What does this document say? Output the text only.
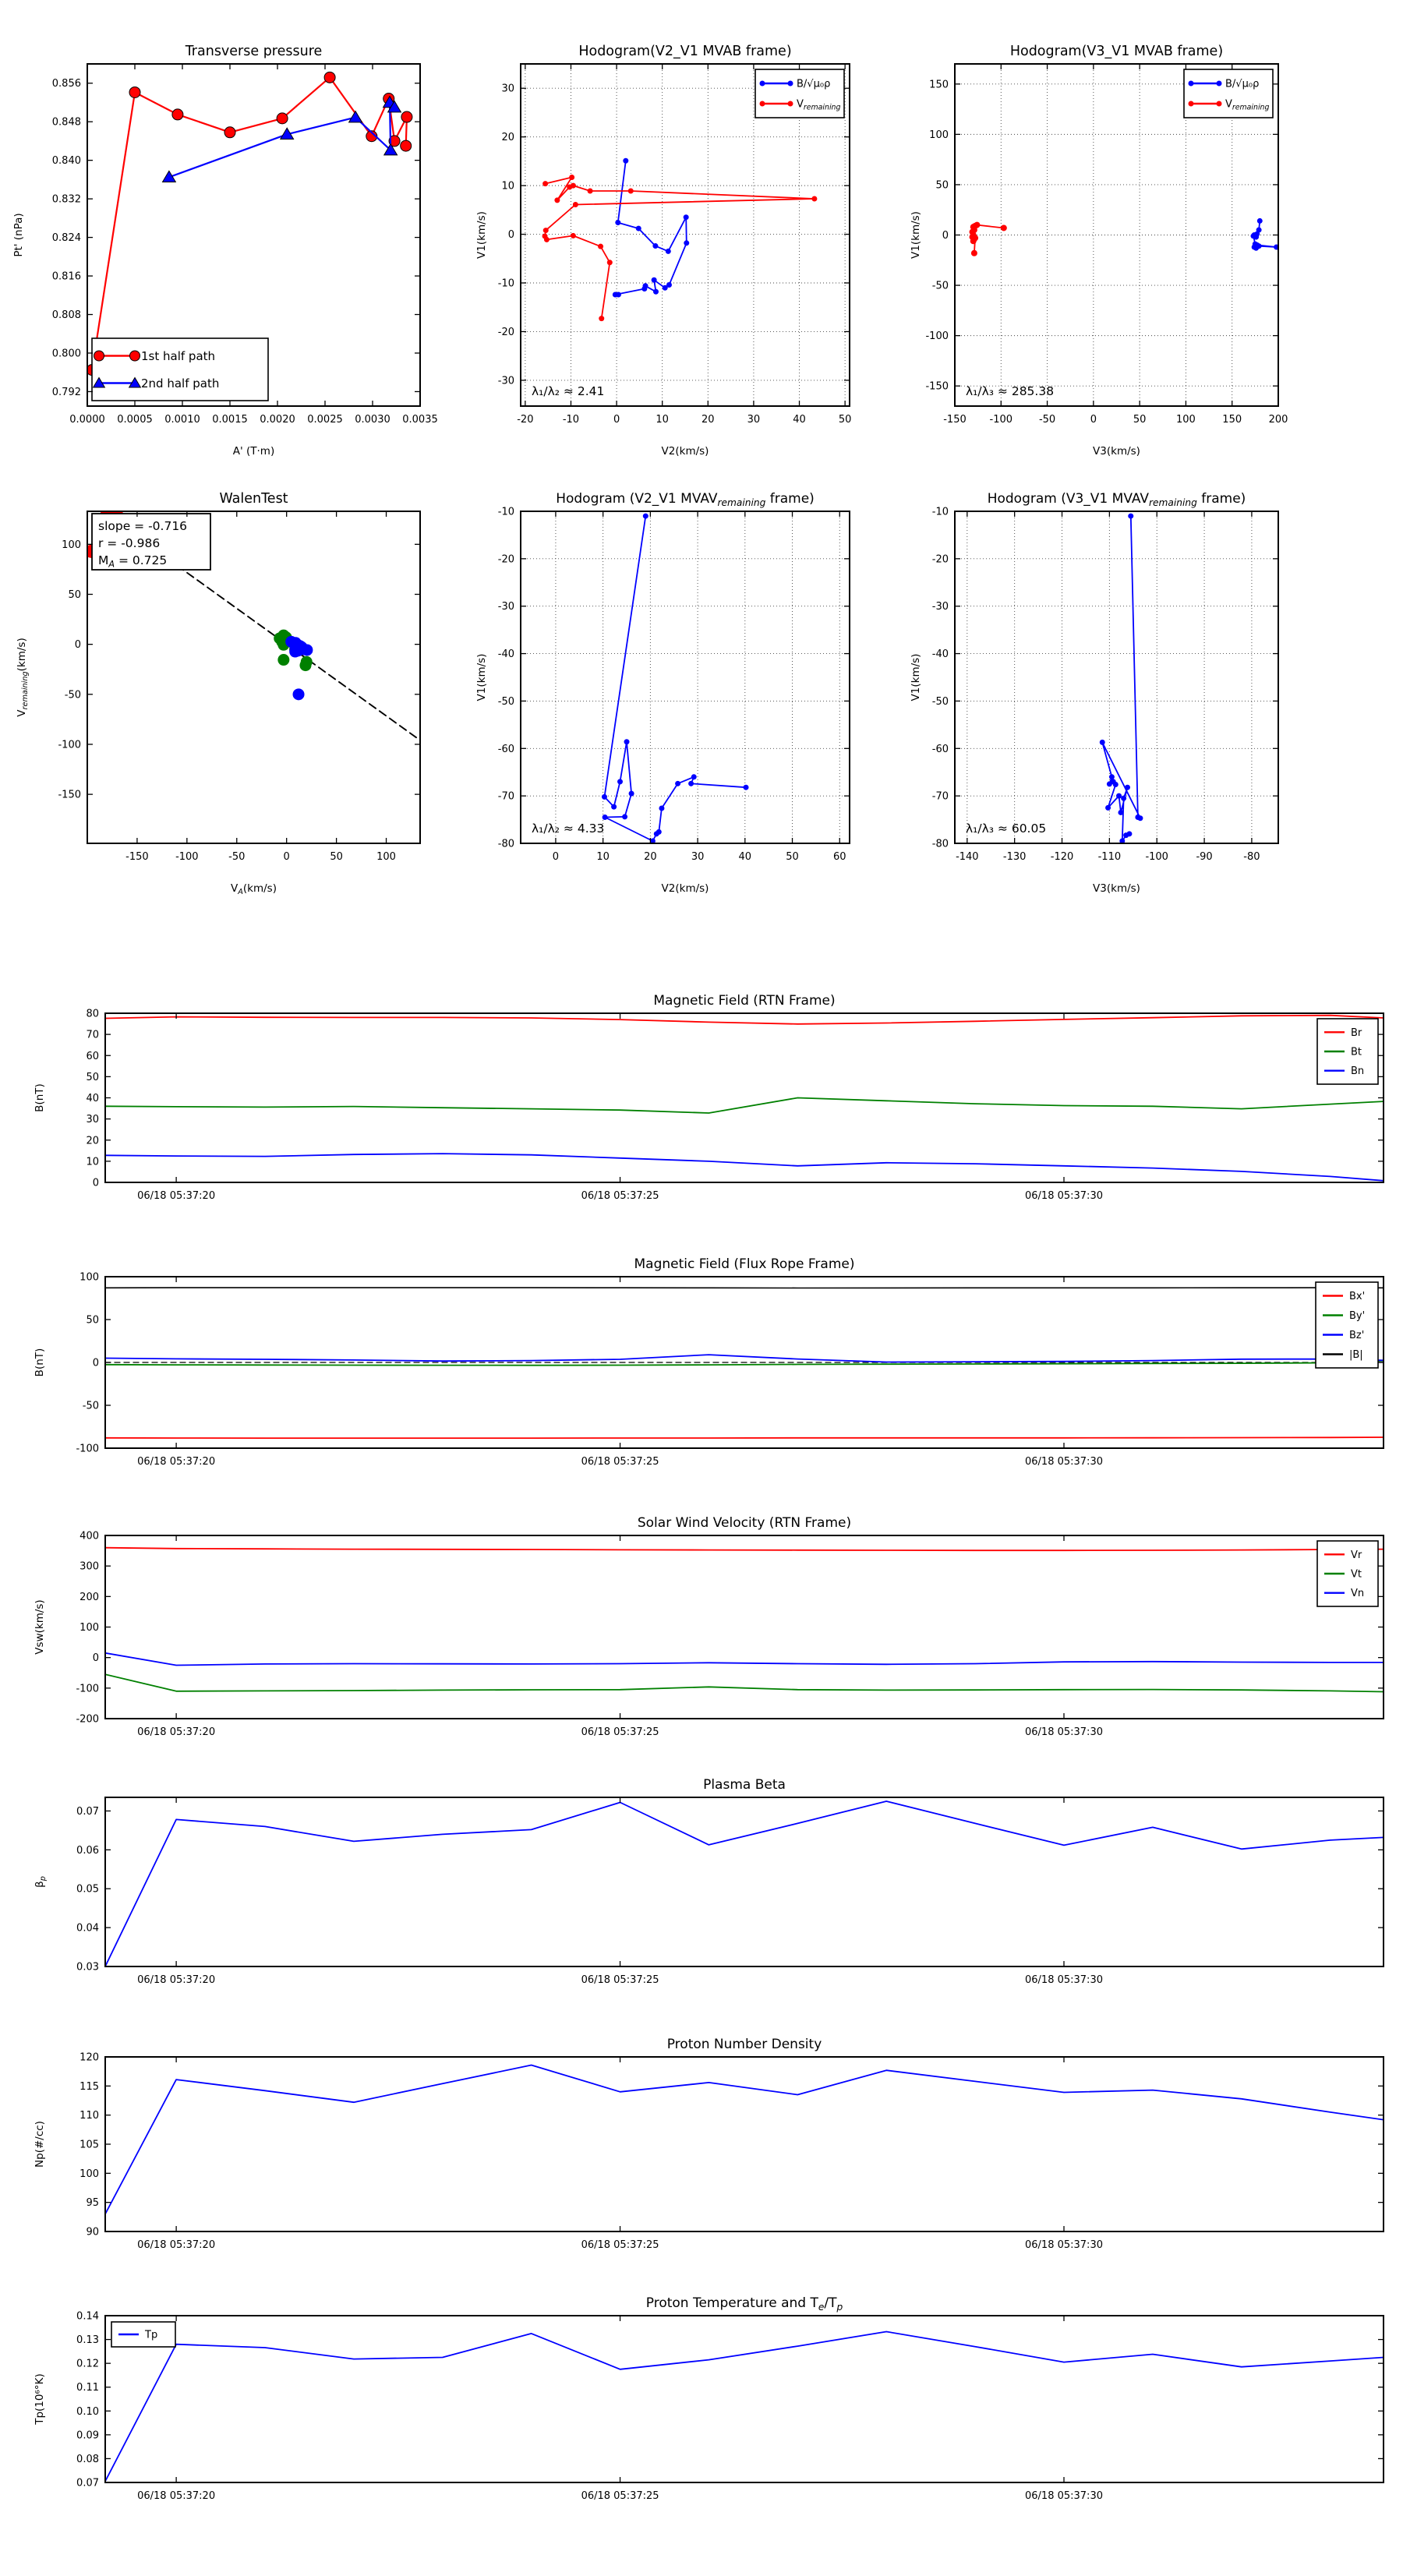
1st half path
2nd half path
0.0000 0.0005 0.0010 0.0015 0.0020 0.0025 0.0030 0.0035
0.792
0.800
0.808
0.816
0.824
0.832
0.840
0.848
0.856
Transverse pressure
A' (T·m)
Pt' (nPa)
λ₁/λ₂ ≈ 2.41
B/√μ₀ρ
$V_{remaining}$
-20	-10	0	10	20	30	40	50
-30
-20
-10
0
10
20
30
Hodogram(V2_V1 MVAB frame)
V2(km/s)
V1(km/s)
λ₁/λ₃ ≈ 285.38
B/√μ₀ρ
$V_{remaining}$
-150 -100	-50	0	50	100	150	200
-150
-100
-50
0
50
100
150
Hodogram(V3_V1 MVAB frame)
V3(km/s)
V1(km/s)
slope = -0.716
r = -0.986
$M_A = 0.725$
-150	-100	-50	0	50	100
-150
-100
-50
0
50
100
WalenTest
$V_A(km/s)$
$V_{remaining}(km/s)$
λ₁/λ₂ ≈ 4.33
0	10	20	30	40	50	60
-80
-70
-60
-50
-40
-30
-20
-10
Hodogram (V2_V1 $MVAV_{remaining}$ frame)
V2(km/s)
V1(km/s)
λ₁/λ₃ ≈ 60.05
-140 -130 -120 -110 -100	-90	-80
-80
-70
-60
-50
-40
-30
-20
-10
Hodogram (V3_V1 $MVAV_{remaining}$ frame)
V3(km/s)
V1(km/s)
Br
Bt
Bn
06/18 05:37:20	06/18 05:37:25	06/18 05:37:30
0
10
20
30
40
50
60
70
80
Magnetic Field (RTN Frame)
B(nT)
Bx'
By'
Bz'
|B|
06/18 05:37:20	06/18 05:37:25	06/18 05:37:30
-100
-50
0
50
100
Magnetic Field (Flux Rope Frame)
B(nT)
Vr
Vt
Vn
06/18 05:37:20	06/18 05:37:25	06/18 05:37:30
-200
-100
0
100
200
300
400
Solar Wind Velocity (RTN Frame)
Vsw(km/s)
06/18 05:37:20	06/18 05:37:25	06/18 05:37:30
0.03
0.04
0.05
0.06
0.07
Plasma Beta
$\beta_p$
06/18 05:37:20	06/18 05:37:25	06/18 05:37:30
90
95
100
105
110
115
120
Proton Number Density
Np(#/cc)
Tp
06/18 05:37:20	06/18 05:37:25	06/18 05:37:30
0.07
0.08
0.09
0.10
0.11
0.12
0.13
0.14
Proton Temperature and $T_e/T_p$
Tp(10⁶°K)
